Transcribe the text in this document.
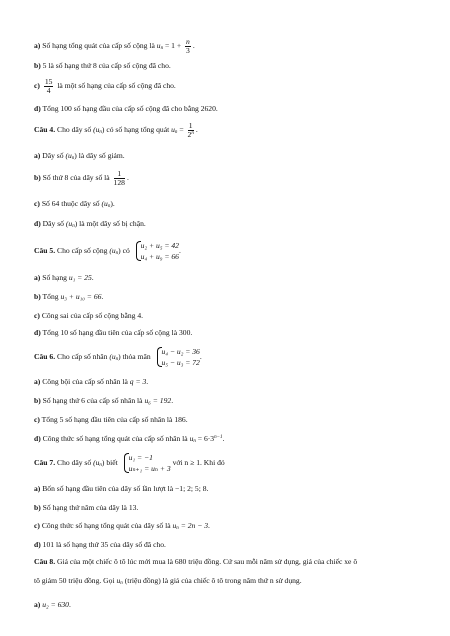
a) Số hạng tổng quát của cấp số cộng là $u_n = 1 + \frac{n}{3}$ .
b) 5 là số hạng thứ 8 của cấp số cộng đã cho.
$c) \frac{15}{4}$ là một số hạng của cấp số cộng đã cho.
d) Tổng 100 số hạng đầu của cấp số cộng đã cho bằng 2620.
Câu 4. Cho dãy số $(u_n)$ có số hạng tổng quát $u_n = \frac{1}{2^n}$ .
a) Dãy số $(u_n)$ là dãy số giảm.
b) Số thứ 8 của dãy số là $\frac{1}{128}$ .
c) Số 64 thuộc dãy số $(u_n)$.
d) Dãy số $(u_n)$ là một dãy số bị chặn.
Câu 5. Cho cấp số cộng $(u_n)$ có
u₂ + u₅ = 42
u₄ + u₉ = 66
.
a) Số hạng u₁ = 25.
b) Tổng u₃ + u₁₀ = 66.
c) Công sai của cấp số cộng bằng 4.
d) Tổng 10 số hạng đầu tiên của cấp số cộng là 300.
Câu 6. Cho cấp số nhân $(u_n)$ thỏa mãn
u₄ − u₂ = 36
u₅ − u₃ = 72
.
a) Công bội của cấp số nhân là q = 3.
b) Số hạng thứ 6 của cấp số nhân là u₆ = 192.
c) Tổng 5 số hạng đầu tiên của cấp số nhân là 186.
d) Công thức số hạng tổng quát của cấp số nhân là $u_n = 6\cdot 3^{n-1}$.
Câu 7. Cho dãy số $(u_n)$ biết
u₁ = −1
uₙ₊₁ = uₙ + 3
với n ≥ 1. Khi đó
a) Bốn số hạng đầu tiên của dãy số lần lượt là −1; 2; 5; 8.
b) Số hạng thứ năm của dãy là 13.
c) Công thức số hạng tổng quát của dãy số là $u_n = 2n - 3$.
d) 101 là số hạng thứ 35 của dãy số đã cho.
Câu 8. Giá của một chiếc ô tô lúc mới mua là 680 triệu đồng. Cứ sau mỗi năm sử dụng, giá của chiếc xe ô
tô giảm 50 triệu đồng. Gọi $u_n$ (triệu đồng) là giá của chiếc ô tô trong năm thứ n sử dụng.
a) u₂ = 630.
